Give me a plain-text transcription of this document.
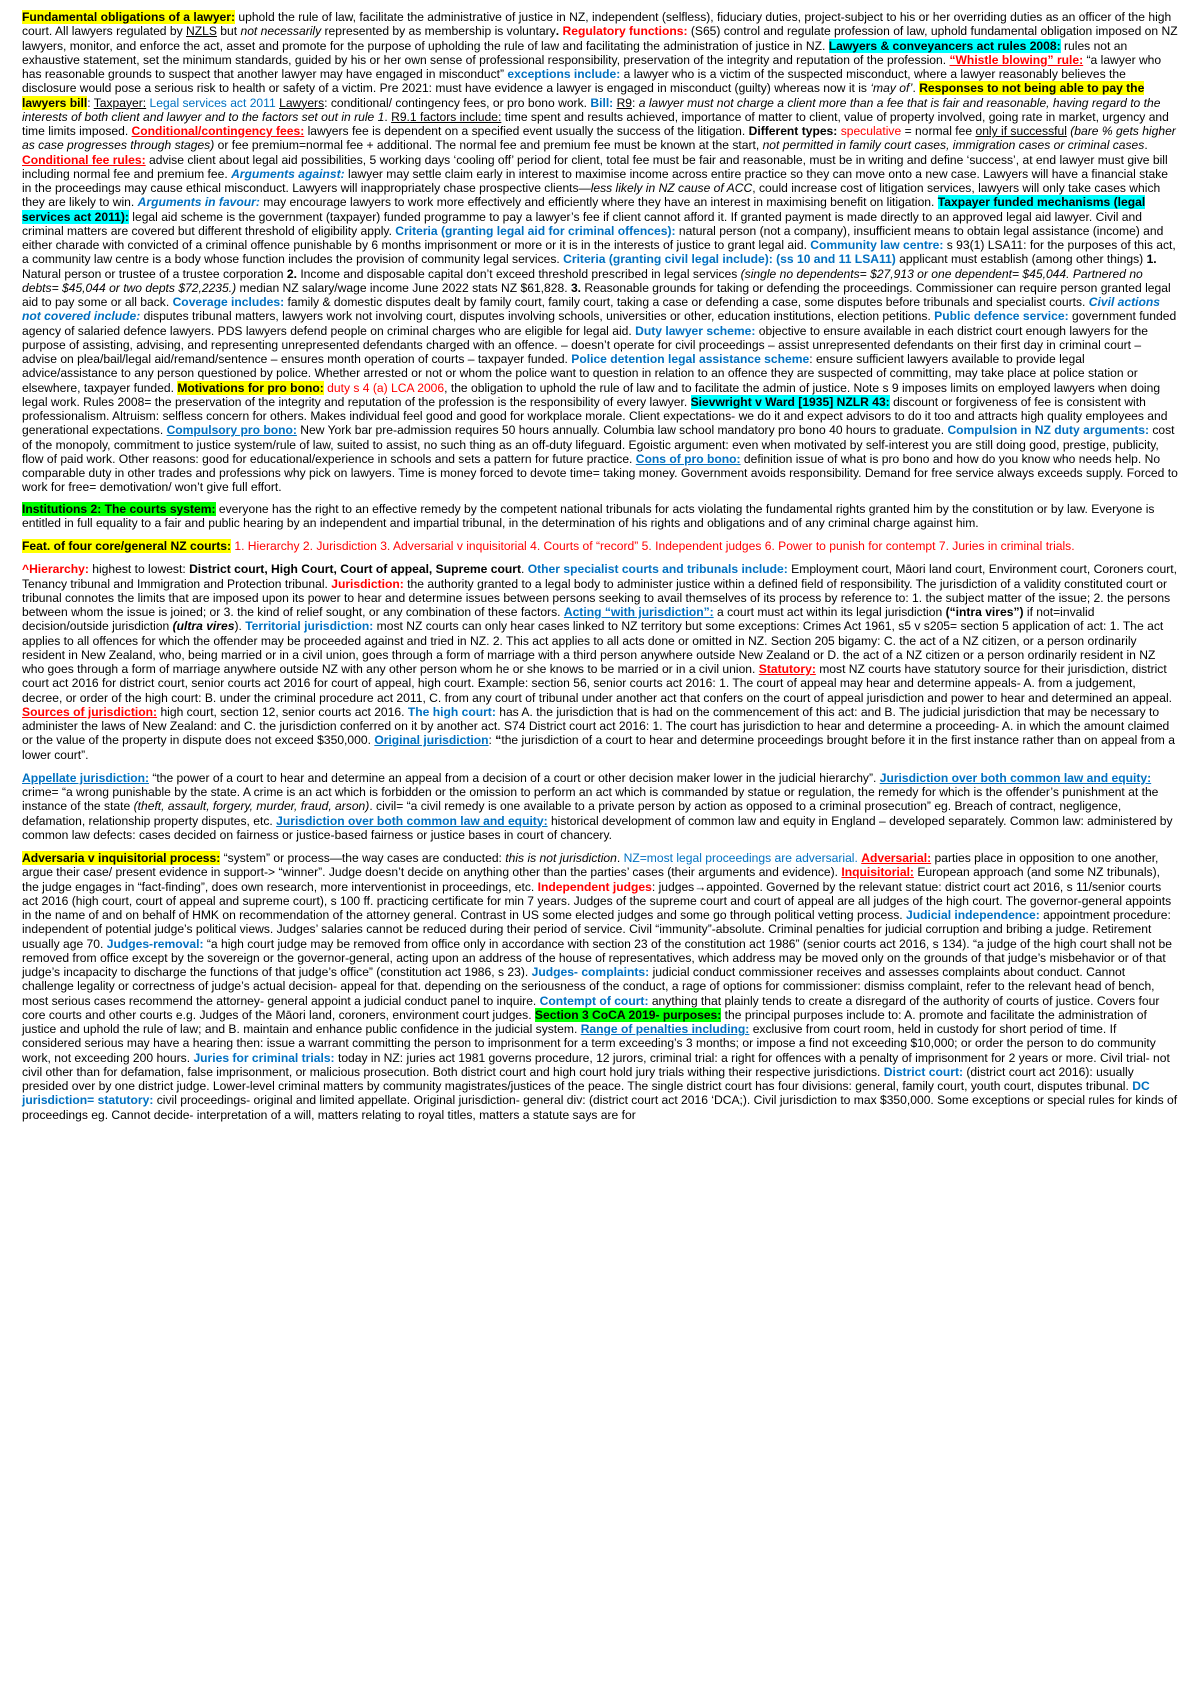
Fundamental obligations of a lawyer: uphold the rule of law, facilitate the administrative of justice in NZ, independent (selfless), fiduciary duties, project-subject to his or her overriding duties as an officer of the high court. All lawyers regulated by NZLS but not necessarily represented by as membership is voluntary. Regulatory functions: (S65) control and regulate profession of law, uphold fundamental obligation imposed on NZ lawyers, monitor, and enforce the act, asset and promote for the purpose of upholding the rule of law and facilitating the administration of justice in NZ. Lawyers & conveyancers act rules 2008: rules not an exhaustive statement, set the minimum standards, guided by his or her own sense of professional responsibility, preservation of the integrity and reputation of the profession. “Whistle blowing” rule: “a lawyer who has reasonable grounds to suspect that another lawyer may have engaged in misconduct” exceptions include: a lawyer who is a victim of the suspected misconduct, where a lawyer reasonably believes the disclosure would pose a serious risk to health or safety of a victim. Pre 2021: must have evidence a lawyer is engaged in misconduct (guilty) whereas now it is ‘may of’. Responses to not being able to pay the lawyers bill: Taxpayer: Legal services act 2011 Lawyers: conditional/ contingency fees, or pro bono work. Bill: R9: a lawyer must not charge a client more than a fee that is fair and reasonable, having regard to the interests of both client and lawyer and to the factors set out in rule 1. R9.1 factors include: time spent and results achieved, importance of matter to client, value of property involved, going rate in market, urgency and time limits imposed. Conditional/contingency fees: lawyers fee is dependent on a specified event usually the success of the litigation. Different types: speculative = normal fee only if successful (bare % gets higher as case progresses through stages) or fee premium=normal fee + additional. The normal fee and premium fee must be known at the start, not permitted in family court cases, immigration cases or criminal cases. Conditional fee rules: advise client about legal aid possibilities, 5 working days ‘cooling off’ period for client, total fee must be fair and reasonable, must be in writing and define ‘success’, at end lawyer must give bill including normal fee and premium fee. Arguments against: lawyer may settle claim early in interest to maximise income across entire practice so they can move onto a new case. Lawyers will have a financial stake in the proceedings may cause ethical misconduct. Lawyers will inappropriately chase prospective clients—less likely in NZ cause of ACC, could increase cost of litigation services, lawyers will only take cases which they are likely to win. Arguments in favour: may encourage lawyers to work more effectively and efficiently where they have an interest in maximising benefit on litigation. Taxpayer funded mechanisms (legal services act 2011): legal aid scheme is the government (taxpayer) funded programme to pay a lawyer’s fee if client cannot afford it. If granted payment is made directly to an approved legal aid lawyer. Civil and criminal matters are covered but different threshold of eligibility apply. Criteria (granting legal aid for criminal offences): natural person (not a company), insufficient means to obtain legal assistance (income) and either charade with convicted of a criminal offence punishable by 6 months imprisonment or more or it is in the interests of justice to grant legal aid. Community law centre: s 93(1) LSA11: for the purposes of this act, a community law centre is a body whose function includes the provision of community legal services. Criteria (granting civil legal include): (ss 10 and 11 LSA11) applicant must establish (among other things) 1. Natural person or trustee of a trustee corporation 2. Income and disposable capital don’t exceed threshold prescribed in legal services (single no dependents= $27,913 or one dependent= $45,044. Partnered no debts= $45,044 or two depts $72,2235.) median NZ salary/wage income June 2022 stats NZ $61,828. 3. Reasonable grounds for taking or defending the proceedings. Commissioner can require person granted legal aid to pay some or all back. Coverage includes: family & domestic disputes dealt by family court, family court, taking a case or defending a case, some disputes before tribunals and specialist courts. Civil actions not covered include: disputes tribunal matters, lawyers work not involving court, disputes involving schools, universities or other, education institutions, election petitions. Public defence service: government funded agency of salaried defence lawyers. PDS lawyers defend people on criminal charges who are eligible for legal aid. Duty lawyer scheme: objective to ensure available in each district court enough lawyers for the purpose of assisting, advising, and representing unrepresented defendants charged with an offence. – doesn’t operate for civil proceedings – assist unrepresented defendants on their first day in criminal court – advise on plea/bail/legal aid/remand/sentence – ensures month operation of courts – taxpayer funded. Police detention legal assistance scheme: ensure sufficient lawyers available to provide legal advice/assistance to any person questioned by police. Whether arrested or not or whom the police want to question in relation to an offence they are suspected of committing, may take place at police station or elsewhere, taxpayer funded. Motivations for pro bono: duty s 4 (a) LCA 2006, the obligation to uphold the rule of law and to facilitate the admin of justice. Note s 9 imposes limits on employed lawyers when doing legal work. Rules 2008= the preservation of the integrity and reputation of the profession is the responsibility of every lawyer. Sievwright v Ward [1935] NZLR 43: discount or forgiveness of fee is consistent with professionalism. Altruism: selfless concern for others. Makes individual feel good and good for workplace morale. Client expectations- we do it and expect advisors to do it too and attracts high quality employees and generational expectations. Compulsory pro bono: New York bar pre-admission requires 50 hours annually. Columbia law school mandatory pro bono 40 hours to graduate. Compulsion in NZ duty arguments: cost of the monopoly, commitment to justice system/rule of law, suited to assist, no such thing as an off-duty lifeguard. Egoistic argument: even when motivated by self-interest you are still doing good, prestige, publicity, flow of paid work. Other reasons: good for educational/experience in schools and sets a pattern for future practice. Cons of pro bono: definition issue of what is pro bono and how do you know who needs help. No comparable duty in other trades and professions why pick on lawyers. Time is money forced to devote time= taking money. Government avoids responsibility. Demand for free service always exceeds supply. Forced to work for free= demotivation/ won’t give full effort.

Institutions 2: The courts system: everyone has the right to an effective remedy by the competent national tribunals for acts violating the fundamental rights granted him by the constitution or by law. Everyone is entitled in full equality to a fair and public hearing by an independent and impartial tribunal, in the determination of his rights and obligations and of any criminal charge against him.

Feat. of four core/general NZ courts: 1. Hierarchy 2. Jurisdiction 3. Adversarial v inquisitorial 4. Courts of “record” 5. Independent judges 6. Power to punish for contempt 7. Juries in criminal trials.

^Hierarchy: highest to lowest: District court, High Court, Court of appeal, Supreme court. Other specialist courts and tribunals include: Employment court, Māori land court, Environment court, Coroners court, Tenancy tribunal and Immigration and Protection tribunal. Jurisdiction: the authority granted to a legal body to administer justice within a defined field of responsibility. The jurisdiction of a validity constituted court or tribunal connotes the limits that are imposed upon its power to hear and determine issues between persons seeking to avail themselves of its process by reference to: 1. the subject matter of the issue; 2. the persons between whom the issue is joined; or 3. the kind of relief sought, or any combination of these factors. Acting “with jurisdiction”: a court must act within its legal jurisdiction (“intra vires”) if not=invalid decision/outside jurisdiction (ultra vires). Territorial jurisdiction: most NZ courts can only hear cases linked to NZ territory but some exceptions: Crimes Act 1961, s5 v s205= section 5 application of act: 1. The act applies to all offences for which the offender may be proceeded against and tried in NZ. 2. This act applies to all acts done or omitted in NZ. Section 205 bigamy: C. the act of a NZ citizen, or a person ordinarily resident in New Zealand, who, being married or in a civil union, goes through a form of marriage with a third person anywhere outside New Zealand or D. the act of a NZ citizen or a person ordinarily resident in NZ who goes through a form of marriage anywhere outside NZ with any other person whom he or she knows to be married or in a civil union. Statutory: most NZ courts have statutory source for their jurisdiction, district court act 2016 for district court, senior courts act 2016 for court of appeal, high court. Example: section 56, senior courts act 2016: 1. The court of appeal may hear and determine appeals- A. from a judgement, decree, or order of the high court: B. under the criminal procedure act 2011, C. from any court of tribunal under another act that confers on the court of appeal jurisdiction and power to hear and determined an appeal. Sources of jurisdiction: high court, section 12, senior courts act 2016. The high court: has A. the jurisdiction that is had on the commencement of this act: and B. The judicial jurisdiction that may be necessary to administer the laws of New Zealand: and C. the jurisdiction conferred on it by another act. S74 District court act 2016: 1. The court has jurisdiction to hear and determine a proceeding- A. in which the amount claimed or the value of the property in dispute does not exceed $350,000. Original jurisdiction: “the jurisdiction of a court to hear and determine proceedings brought before it in the first instance rather than on appeal from a lower court”.

Appellate jurisdiction: “the power of a court to hear and determine an appeal from a decision of a court or other decision maker lower in the judicial hierarchy”. Jurisdiction over both common law and equity: crime= “a wrong punishable by the state. A crime is an act which is forbidden or the omission to perform an act which is commanded by statue or regulation, the remedy for which is the offender’s punishment at the instance of the state (theft, assault, forgery, murder, fraud, arson). civil= “a civil remedy is one available to a private person by action as opposed to a criminal prosecution” eg. Breach of contract, negligence, defamation, relationship property disputes, etc. Jurisdiction over both common law and equity: historical development of common law and equity in England – developed separately. Common law: administered by common law defects: cases decided on fairness or justice-based fairness or justice bases in court of chancery.

Adversaria v inquisitorial process: “system” or process—the way cases are conducted: this is not jurisdiction. NZ=most legal proceedings are adversarial. Adversarial: parties place in opposition to one another, argue their case/ present evidence in support-> “winner”. Judge doesn’t decide on anything other than the parties’ cases (their arguments and evidence). Inquisitorial: European approach (and some NZ tribunals), the judge engages in “fact-finding”, does own research, more interventionist in proceedings, etc. Independent judges: judges→appointed. Governed by the relevant statue: district court act 2016, s 11/senior courts act 2016 (high court, court of appeal and supreme court), s 100 ff. practicing certificate for min 7 years. Judges of the supreme court and court of appeal are all judges of the high court. The governor-general appoints in the name of and on behalf of HMK on recommendation of the attorney general. Contrast in US some elected judges and some go through political vetting process. Judicial independence: appointment procedure: independent of potential judge’s political views. Judges’ salaries cannot be reduced during their period of service. Civil “immunity”-absolute. Criminal penalties for judicial corruption and bribing a judge. Retirement usually age 70. Judges-removal: “a high court judge may be removed from office only in accordance with section 23 of the constitution act 1986” (senior courts act 2016, s 134). “a judge of the high court shall not be removed from office except by the sovereign or the governor-general, acting upon an address of the house of representatives, which address may be moved only on the grounds of that judge’s misbehavior or of that judge’s incapacity to discharge the functions of that judge’s office” (constitution act 1986, s 23). Judges- complaints: judicial conduct commissioner receives and assesses complaints about conduct. Cannot challenge legality or correctness of judge’s actual decision- appeal for that. depending on the seriousness of the conduct, a rage of options for commissioner: dismiss complaint, refer to the relevant head of bench, most serious cases recommend the attorney- general appoint a judicial conduct panel to inquire. Contempt of court: anything that plainly tends to create a disregard of the authority of courts of justice. Covers four core courts and other courts e.g. Judges of the Māori land, coroners, environment court judges. Section 3 CoCA 2019- purposes: the principal purposes include to: A. promote and facilitate the administration of justice and uphold the rule of law; and B. maintain and enhance public confidence in the judicial system. Range of penalties including: exclusive from court room, held in custody for short period of time. If considered serious may have a hearing then: issue a warrant committing the person to imprisonment for a term exceeding’s 3 months; or impose a find not exceeding $10,000; or order the person to do community work, not exceeding 200 hours. Juries for criminal trials: today in NZ: juries act 1981 governs procedure, 12 jurors, criminal trial: a right for offences with a penalty of imprisonment for 2 years or more. Civil trial- not civil other than for defamation, false imprisonment, or malicious prosecution. Both district court and high court hold jury trials withing their respective jurisdictions. District court: (district court act 2016): usually presided over by one district judge. Lower-level criminal matters by community magistrates/justices of the peace. The single district court has four divisions: general, family court, youth court, disputes tribunal. DC jurisdiction= statutory: civil proceedings- original and limited appellate. Original jurisdiction- general div: (district court act 2016 ‘DCA;). Civil jurisdiction to max $350,000. Some exceptions or special rules for kinds of proceedings eg. Cannot decide- interpretation of a will, matters relating to royal titles, matters a statute says are for
